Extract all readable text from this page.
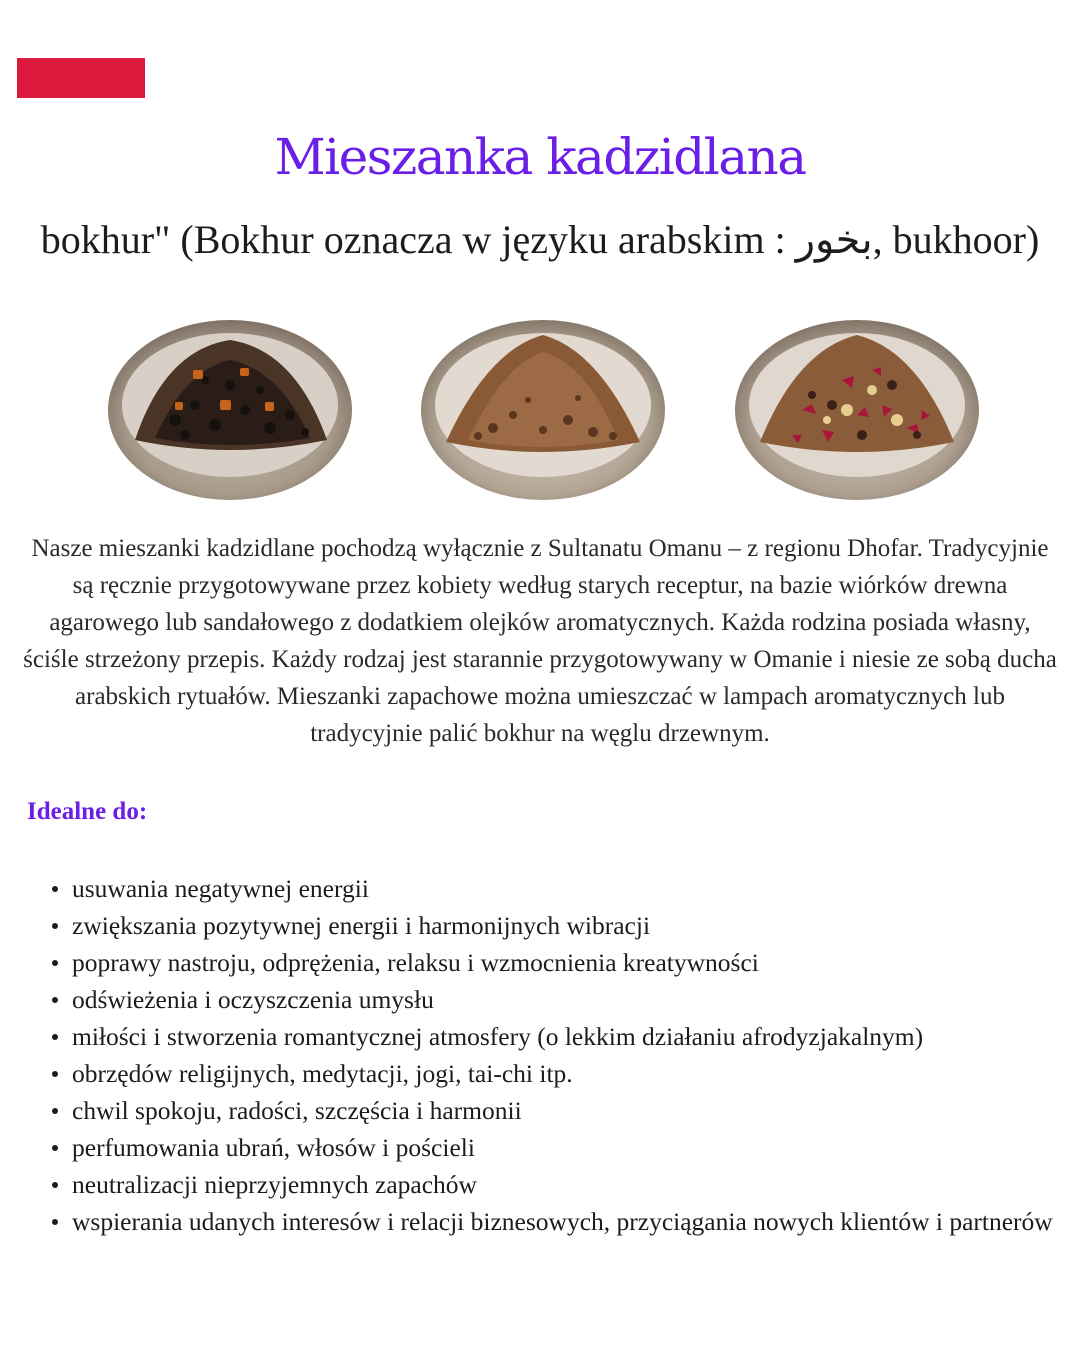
Mieszanka kadzidlana

bokhur" (Bokhur oznacza w języku arabskim : بخور, bukhoor)

Nasze mieszanki kadzidlane pochodzą wyłącznie z Sultanatu Omanu – z regionu Dhofar. Tradycyjnie są ręcznie przygotowywane przez kobiety według starych receptur, na bazie wiórków drewna agarowego lub sandałowego z dodatkiem olejków aromatycznych. Każda rodzina posiada własny, ściśle strzeżony przepis. Każdy rodzaj jest starannie przygotowywany w Omanie i niesie ze sobą ducha arabskich rytuałów. Mieszanki zapachowe można umieszczać w lampach aromatycznych lub tradycyjnie palić bokhur na węglu drzewnym.

Idealne do:
usuwania negatywnej energii
zwiększania pozytywnej energii i harmonijnych wibracji
poprawy nastroju, odprężenia, relaksu i wzmocnienia kreatywności
odświeżenia i oczyszczenia umysłu
miłości i stworzenia romantycznej atmosfery (o lekkim działaniu afrodyzjakalnym)
obrzędów religijnych, medytacji, jogi, tai-chi itp.
chwil spokoju, radości, szczęścia i harmonii
perfumowania ubrań, włosów i pościeli
neutralizacji nieprzyjemnych zapachów
wspierania udanych interesów i relacji biznesowych, przyciągania nowych klientów i partnerów
